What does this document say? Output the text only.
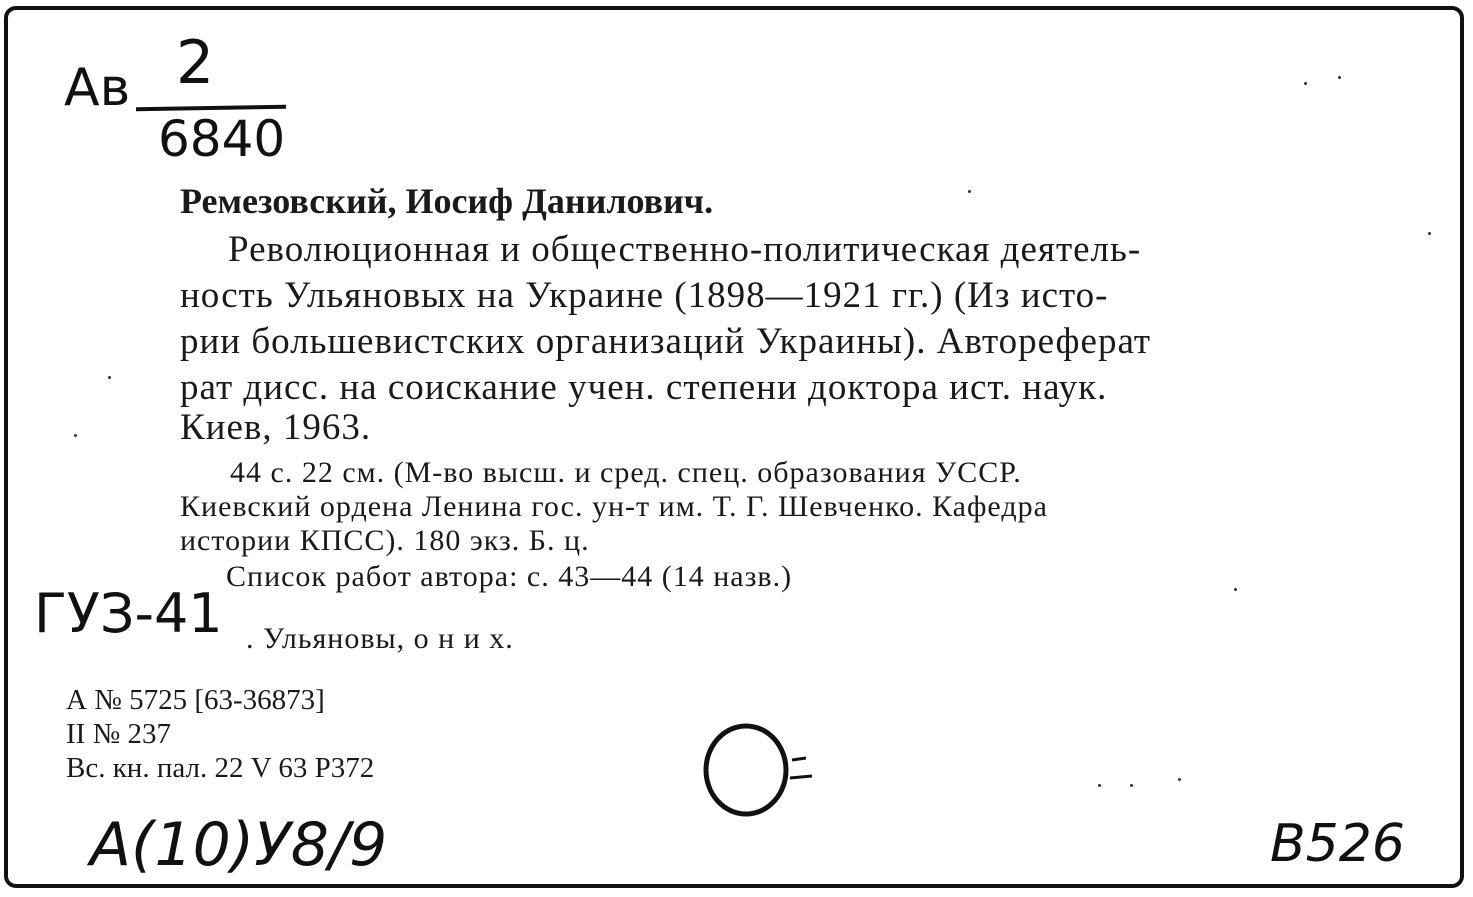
Ав 2
6840
Ремезовский, Иосиф Данилович.
Революционная и общественно-политическая деятель-
ность Ульяновых на Украине (1898—1921 гг.) (Из исто-
рии большевистских организаций Украины). Автореферат
рат дисс. на соискание учен. степени доктора ист. наук.
Киев, 1963.
44 с. 22 см. (М-во высш. и сред. спец. образования УССР.
Киевский ордена Ленина гос. ун-т им. Т. Г. Шевченко. Кафедра
истории КПСС). 180 экз. Б. ц.
Список работ автора: с. 43—44 (14 назв.)
ГУЗ-41 . Ульяновы, о н и х.
А № 5725 [63-36873]
II № 237
Вс. кн. пал. 22 V 63 Р372
A(10)У8/9	B526
